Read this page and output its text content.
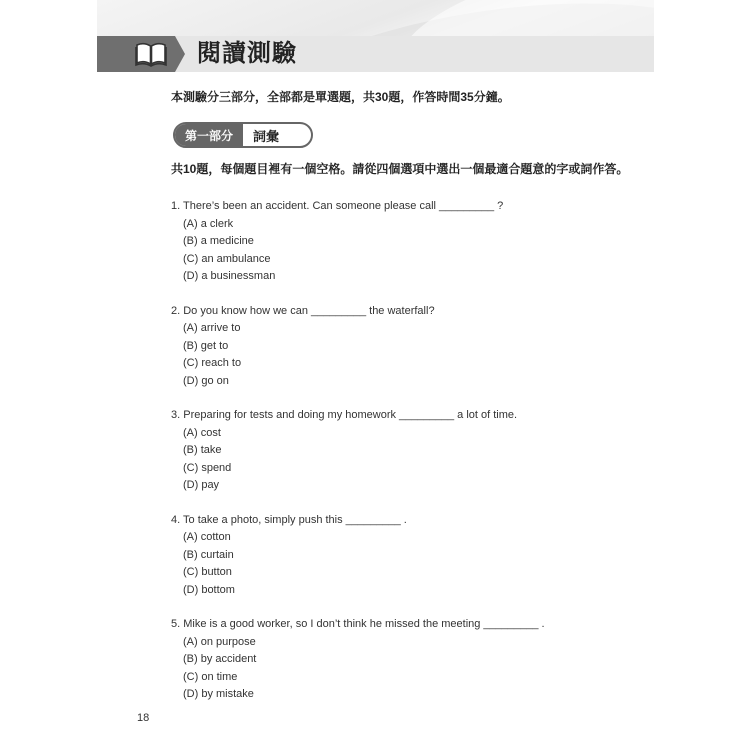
閱讀測驗

本測驗分三部分，全部都是單選題，共30題，作答時間35分鐘。

第一部分	詞彙

共10題，每個題目裡有一個空格。請從四個選項中選出一個最適合題意的字或詞作答。

1. There’s been an accident. Can someone please call _________ ?

(A) a clerk

(B) a medicine

(C) an ambulance

(D) a businessman

2. Do you know how we can _________ the waterfall?

(A) arrive to

(B) get to

(C) reach to

(D) go on

3. Preparing for tests and doing my homework _________ a lot of time.

(A) cost

(B) take

(C) spend

(D) pay

4. To take a photo, simply push this _________ .

(A) cotton

(B) curtain

(C) button

(D) bottom

5. Mike is a good worker, so I don’t think he missed the meeting _________ .

(A) on purpose

(B) by accident

(C) on time

(D) by mistake

18
